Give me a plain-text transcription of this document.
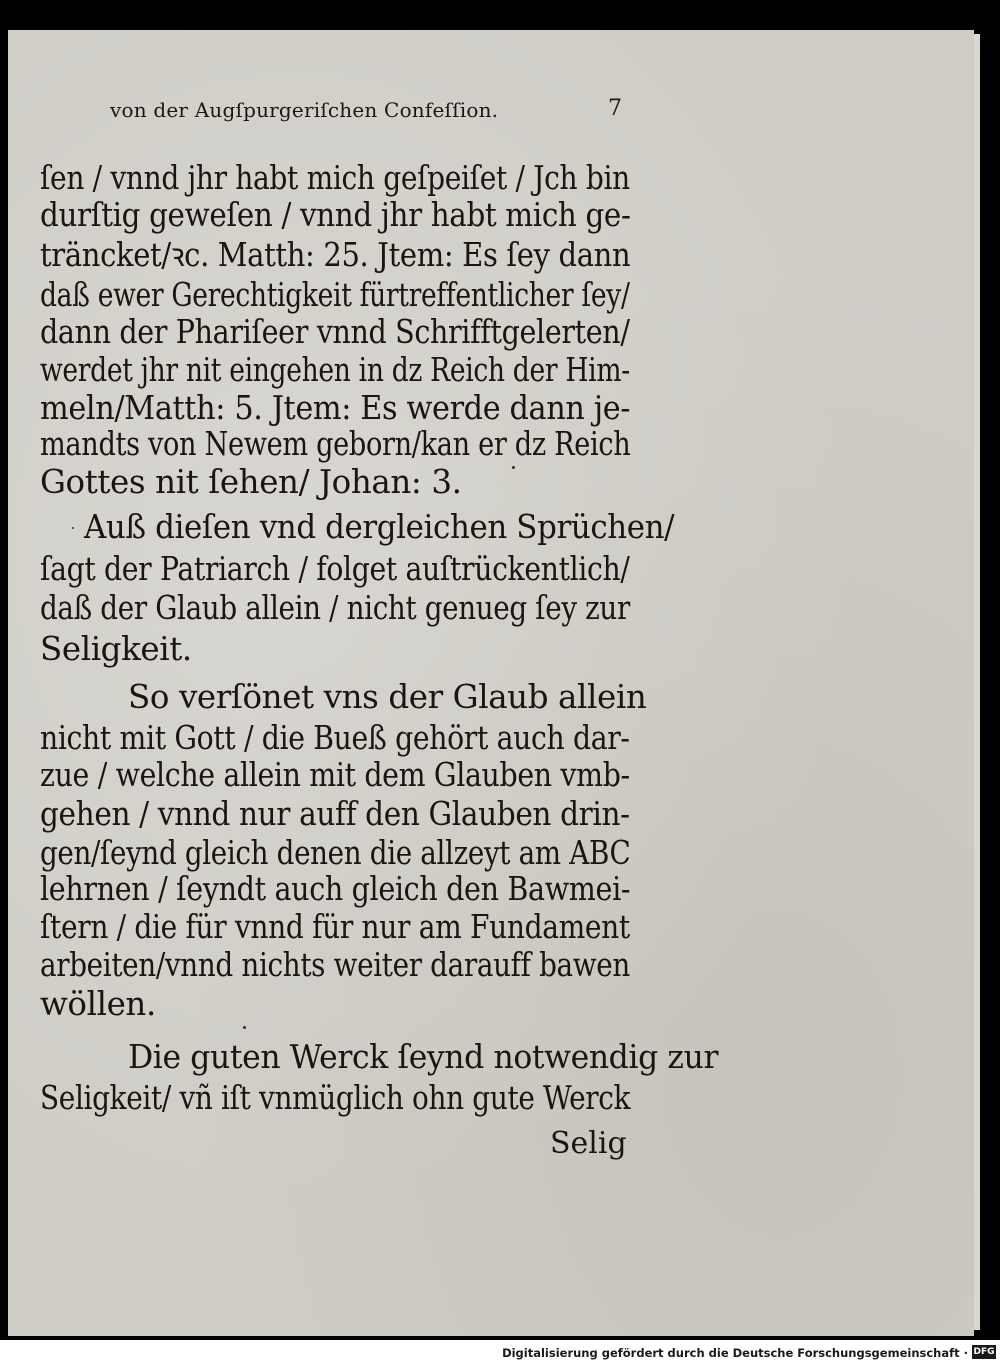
von der Augſpurgeriſchen Confeſſion.	7
ſen / vnnd jhr habt mich geſpeiſet / Jch bin
durſtig geweſen / vnnd jhr habt mich ge‑
träncket/ꝛc. Matth: 25. Jtem: Es ſey dann
daß ewer Gerechtigkeit fürtreffentlicher ſey/
dann der Phariſeer vnnd Schrifftgelerten/
werdet jhr nit eingehen in dz Reich der Him‑
meln/Matth: 5. Jtem: Es werde dann je‑
mandts von Newem geborn/kan er dz Reich
Gottes nit ſehen/ Johan: 3.
Auß dieſen vnd dergleichen Sprüchen/
ſagt der Patriarch / folget auſtrückentlich/
daß der Glaub allein / nicht genueg ſey zur
Seligkeit.
So verſönet vns der Glaub allein
nicht mit Gott / die Bueß gehört auch dar‑
zue / welche allein mit dem Glauben vmb‑
gehen / vnnd nur auff den Glauben drin‑
gen/ſeynd gleich denen die allzeyt am ABC
lehrnen / ſeyndt auch gleich den Bawmei‑
ſtern / die für vnnd für nur am Fundament
arbeiten/vnnd nichts weiter darauff bawen
wöllen.
Die guten Werck ſeynd notwendig zur
Seligkeit/ vñ iſt vnmüglich ohn gute Werck
Selig
Digitalisierung gefördert durch die Deutsche Forschungsgemeinschaft · DFG
